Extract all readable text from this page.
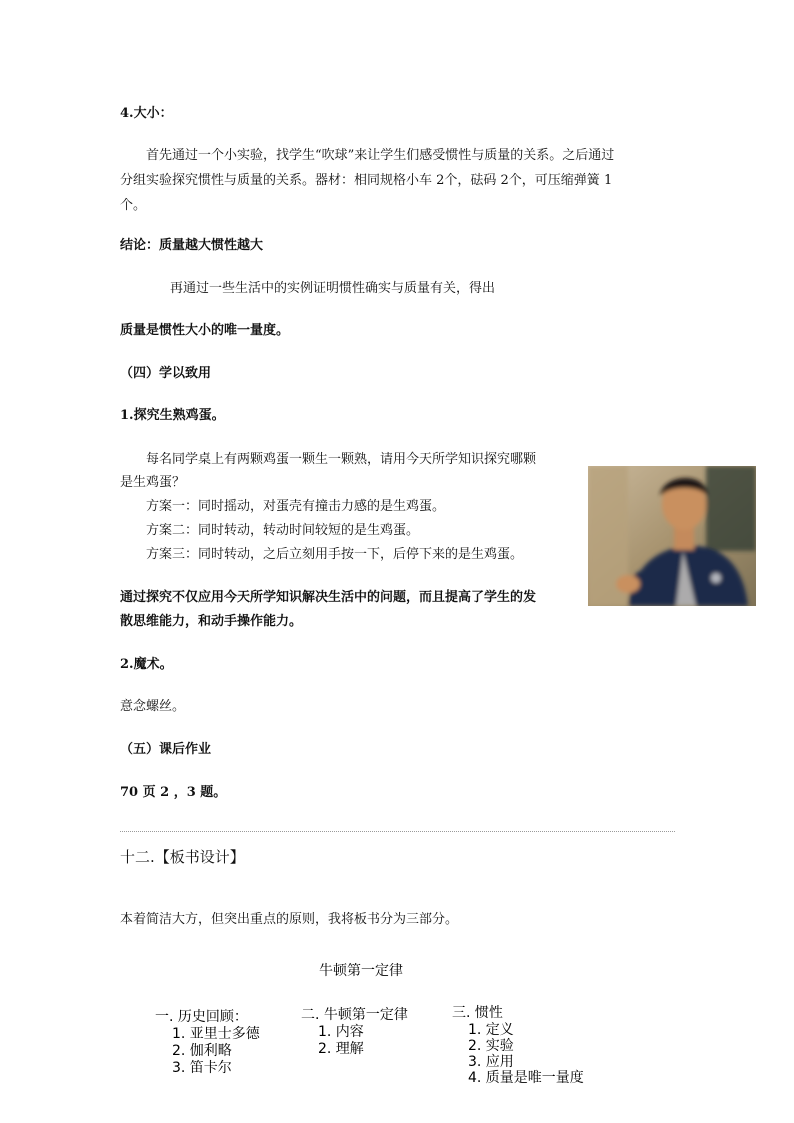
4.大小：
首先通过一个小实验，找学生“吹球”来让学生们感受惯性与质量的关系。之后通过
分组实验探究惯性与质量的关系。器材：相同规格小车 2个，砝码 2个，可压缩弹簧 1
个。
结论：质量越大惯性越大
再通过一些生活中的实例证明惯性确实与质量有关，得出
质量是惯性大小的唯一量度。
（四）学以致用
1.探究生熟鸡蛋。
每名同学桌上有两颗鸡蛋一颗生一颗熟，请用今天所学知识探究哪颗
是生鸡蛋？
方案一：同时摇动，对蛋壳有撞击力感的是生鸡蛋。
方案二：同时转动，转动时间较短的是生鸡蛋。
方案三：同时转动，之后立刻用手按一下，后停下来的是生鸡蛋。
通过探究不仅应用今天所学知识解决生活中的问题，而且提高了学生的发
散思维能力，和动手操作能力。
2.魔术。
意念螺丝。
（五）课后作业
70 页 2 ，3 题。
十二.【板书设计】
本着简洁大方，但突出重点的原则，我将板书分为三部分。
牛顿第一定律
一. 历史回顾：
1. 亚里士多德
2. 伽利略
3. 笛卡尔
二. 牛顿第一定律
1. 内容
2. 理解
三. 惯性
1. 定义
2. 实验
3. 应用
4. 质量是唯一量度
